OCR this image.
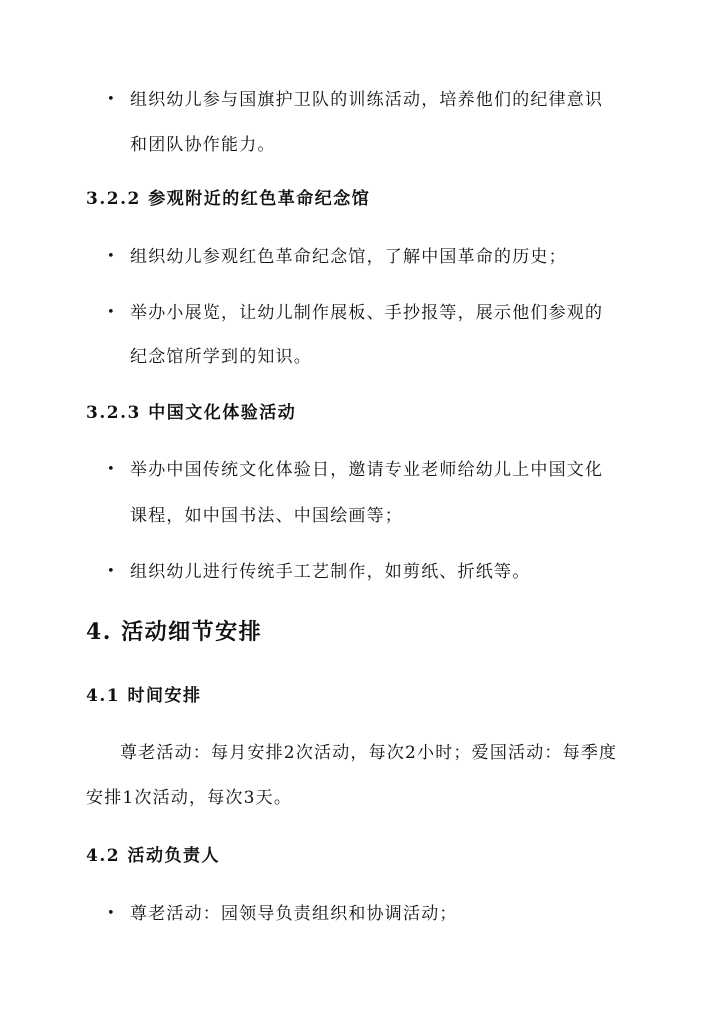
• 组织幼儿参与国旗护卫队的训练活动，培养他们的纪律意识
和团队协作能力。
3.2.2 参观附近的红色革命纪念馆
• 组织幼儿参观红色革命纪念馆，了解中国革命的历史；
• 举办小展览，让幼儿制作展板、手抄报等，展示他们参观的
纪念馆所学到的知识。
3.2.3 中国文化体验活动
• 举办中国传统文化体验日，邀请专业老师给幼儿上中国文化
课程，如中国书法、中国绘画等；
• 组织幼儿进行传统手工艺制作，如剪纸、折纸等。
4. 活动细节安排
4.1 时间安排
尊老活动：每月安排2次活动，每次2小时；爱国活动：每季度
安排1次活动，每次3天。
4.2 活动负责人
• 尊老活动：园领导负责组织和协调活动；
